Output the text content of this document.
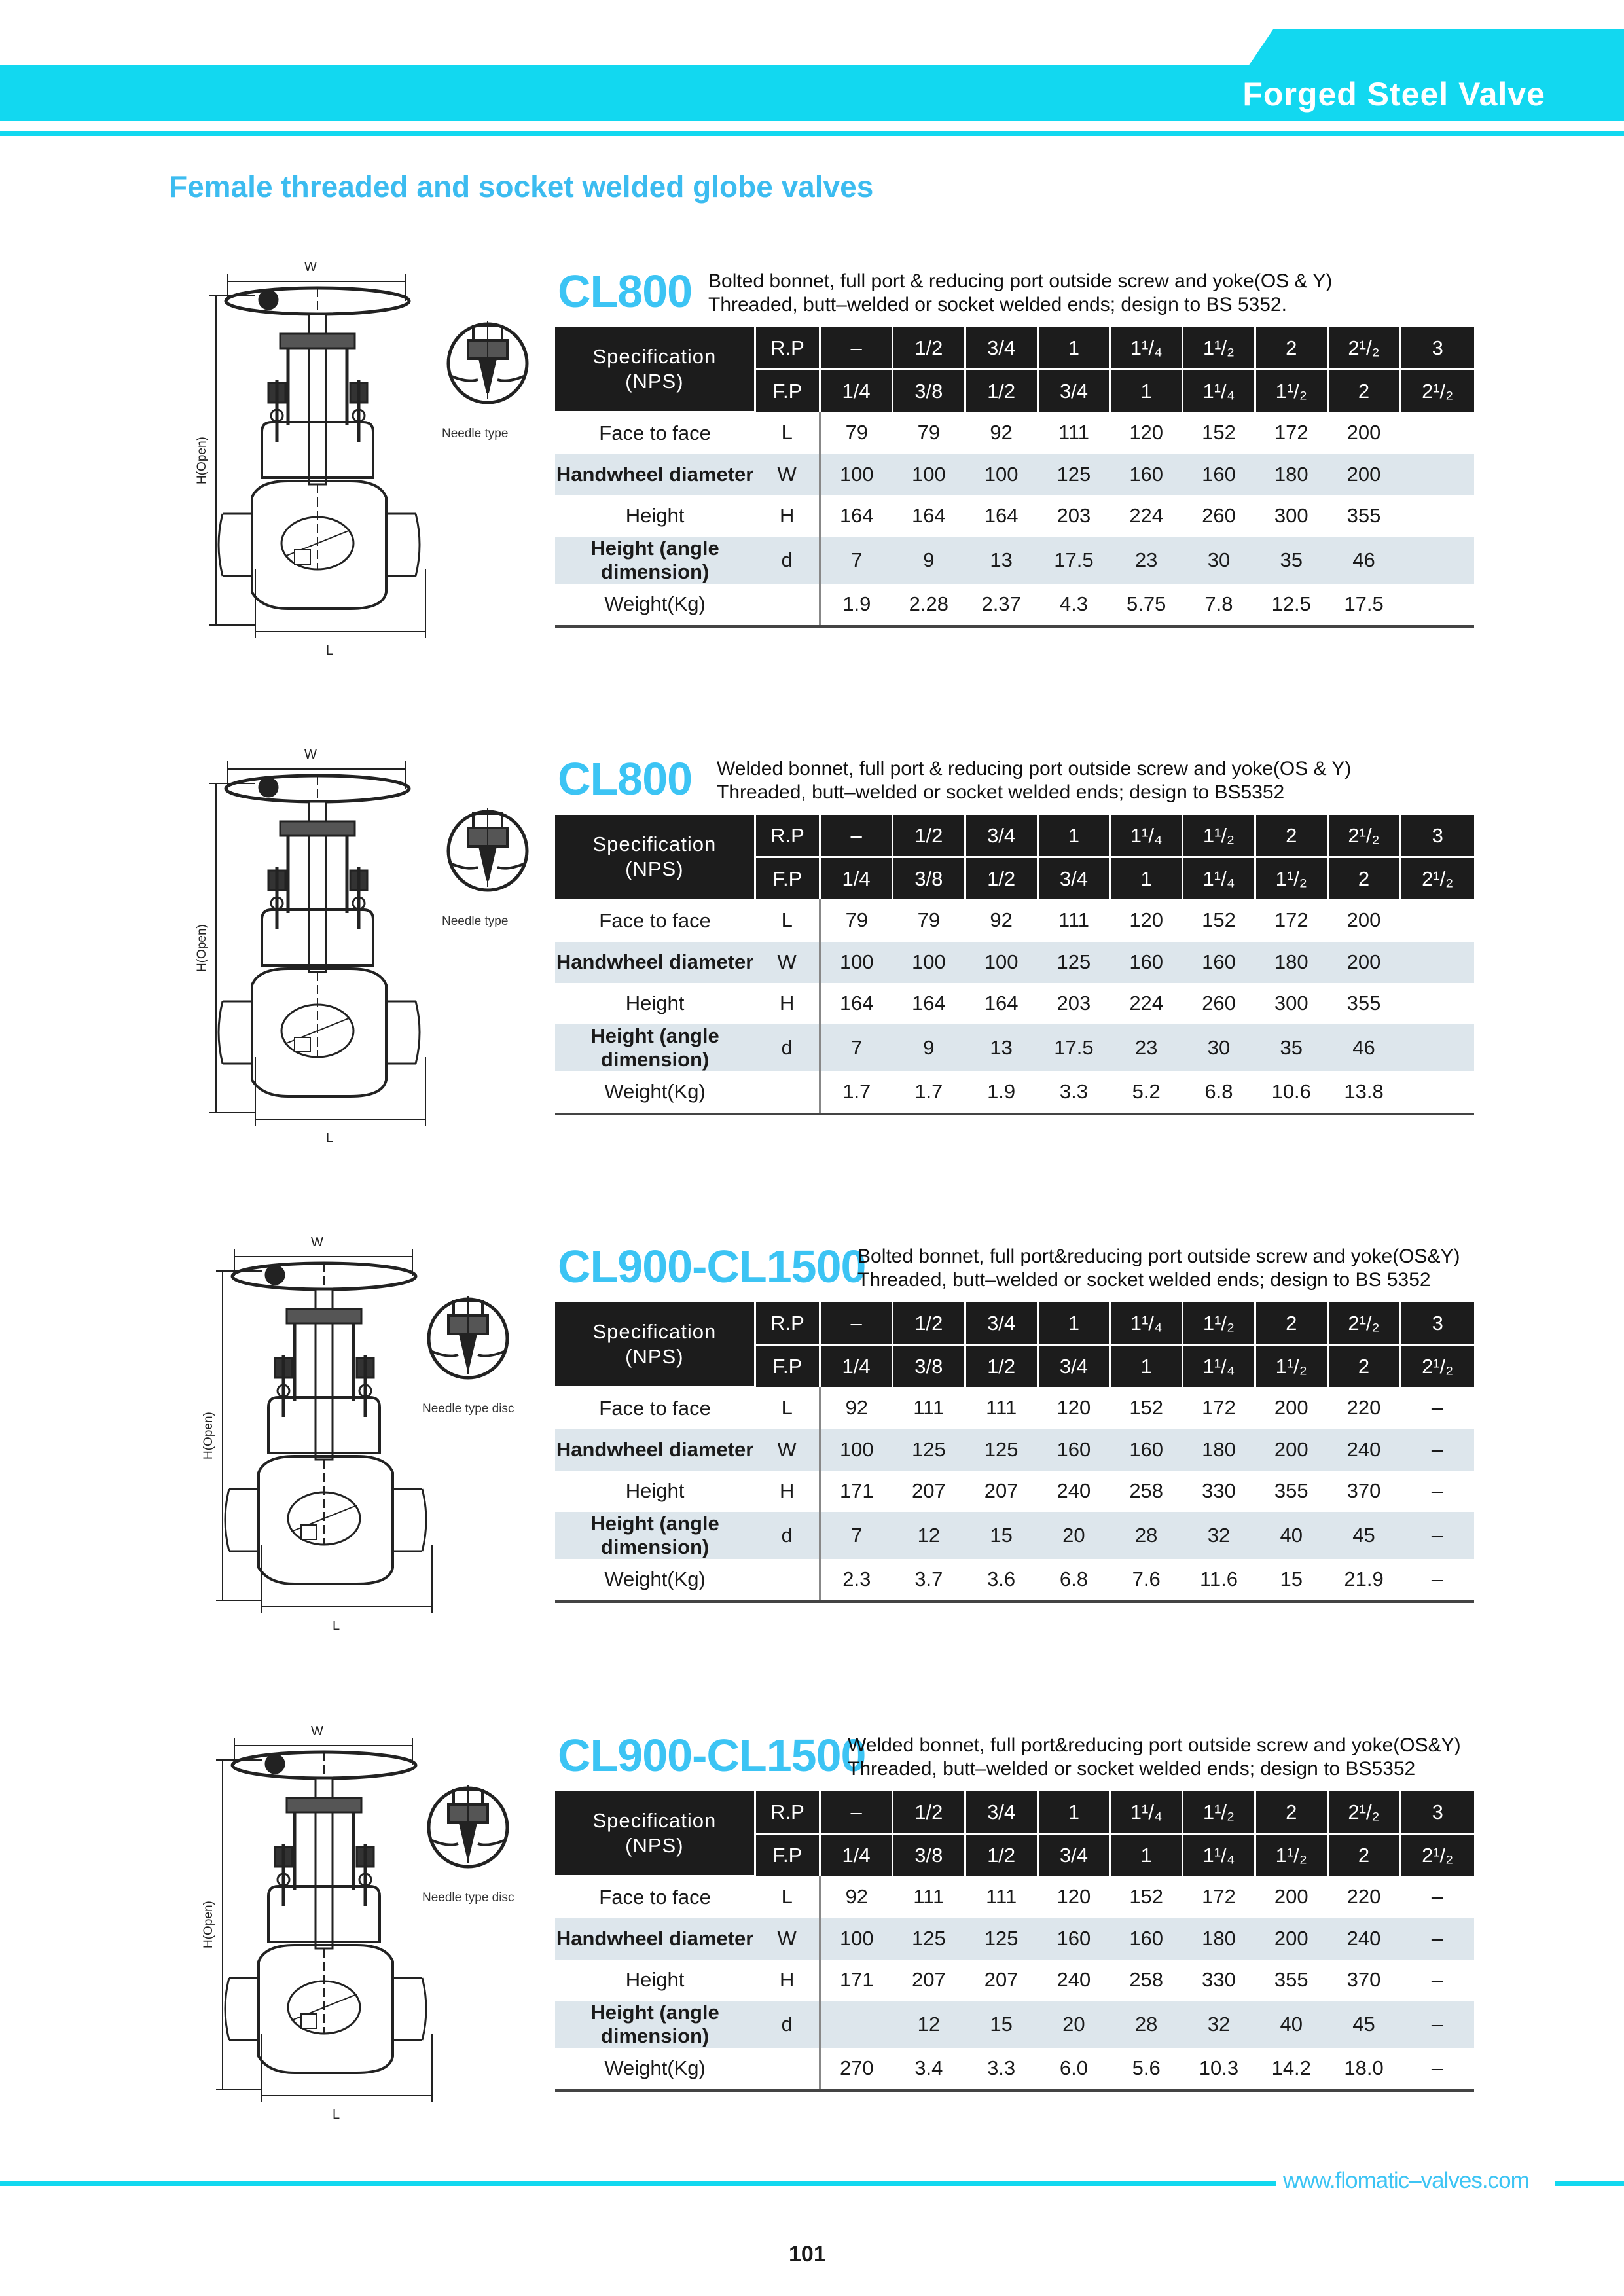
Forged Steel Valve
Female threaded and socket welded globe valves
W
L
H(Open)
Needle type
CL800 Bolted bonnet, full port & reducing port outside screw and yoke(OS & Y)
Threaded, butt–welded or socket welded ends; design to BS 5352.
Specification
(NPS)	R.P	–	1/2	3/4	1	1¹/₄	1¹/₂	2	2¹/₂	3
	F.P	1/4	3/8	1/2	3/4	1	1¹/₄	1¹/₂	2	2¹/₂
Face to face	L	79	79	92	111	120	152	172	200	
Handwheel diameter	W	100	100	100	125	160	160	180	200	
Height	H	164	164	164	203	224	260	300	355	
Height (angle dimension)	d	7	9	13	17.5	23	30	35	46	
Weight(Kg)		1.9	2.28	2.37	4.3	5.75	7.8	12.5	17.5	
W
L
H(Open)
Needle type
CL800 Welded bonnet, full port & reducing port outside screw and yoke(OS & Y)
Threaded, butt–welded or socket welded ends; design to BS5352
Specification
(NPS)	R.P	–	1/2	3/4	1	1¹/₄	1¹/₂	2	2¹/₂	3
	F.P	1/4	3/8	1/2	3/4	1	1¹/₄	1¹/₂	2	2¹/₂
Face to face	L	79	79	92	111	120	152	172	200	
Handwheel diameter	W	100	100	100	125	160	160	180	200	
Height	H	164	164	164	203	224	260	300	355	
Height (angle dimension)	d	7	9	13	17.5	23	30	35	46	
Weight(Kg)		1.7	1.7	1.9	3.3	5.2	6.8	10.6	13.8	
W
L
H(Open)
Needle type disc
CL900-CL1500
Bolted bonnet, full port&reducing port outside screw and yoke(OS&Y)
Threaded, butt–welded or socket welded ends; design to BS 5352
Specification
(NPS)	R.P	–	1/2	3/4	1	1¹/₄	1¹/₂	2	2¹/₂	3
	F.P	1/4	3/8	1/2	3/4	1	1¹/₄	1¹/₂	2	2¹/₂
Face to face	L	92	111	111	120	152	172	200	220	–
Handwheel diameter	W	100	125	125	160	160	180	200	240	–
Height	H	171	207	207	240	258	330	355	370	–
Height (angle dimension)	d	7	12	15	20	28	32	40	45	–
Weight(Kg)		2.3	3.7	3.6	6.8	7.6	11.6	15	21.9	–
W
L
H(Open)
Needle type disc
CL900-CL1500
Welded bonnet, full port&reducing port outside screw and yoke(OS&Y)
Threaded, butt–welded or socket welded ends; design to BS5352
Specification
(NPS)	R.P	–	1/2	3/4	1	1¹/₄	1¹/₂	2	2¹/₂	3
	F.P	1/4	3/8	1/2	3/4	1	1¹/₄	1¹/₂	2	2¹/₂
Face to face	L	92	111	111	120	152	172	200	220	–
Handwheel diameter	W	100	125	125	160	160	180	200	240	–
Height	H	171	207	207	240	258	330	355	370	–
Height (angle dimension)	d		12	15	20	28	32	40	45	–
Weight(Kg)		270	3.4	3.3	6.0	5.6	10.3	14.2	18.0	–
www.flomatic–valves.com
101
